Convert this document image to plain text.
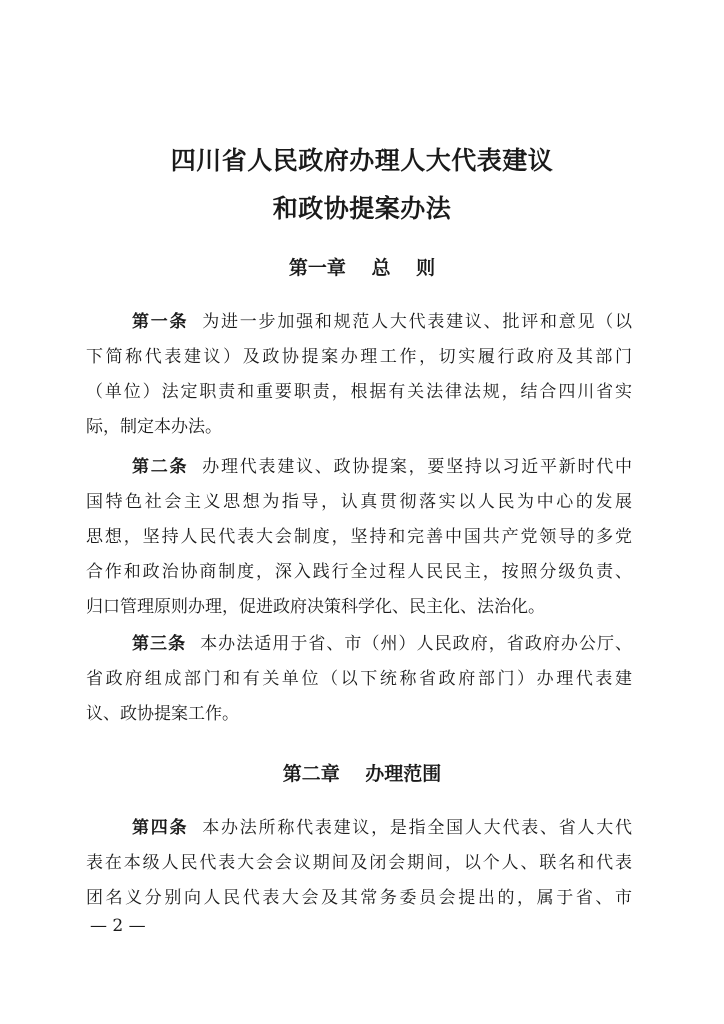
四川省人民政府办理人大代表建议
和政协提案办法
第一章　 总　 则
第一条 为进一步加强和规范人大代表建议、批评和意见（以
下简称代表建议）及政协提案办理工作，切实履行政府及其部门
（单位）法定职责和重要职责，根据有关法律法规，结合四川省实
际，制定本办法。
第二条 办理代表建议、政协提案，要坚持以习近平新时代中
国特色社会主义思想为指导，认真贯彻落实以人民为中心的发展
思想，坚持人民代表大会制度，坚持和完善中国共产党领导的多党
合作和政治协商制度，深入践行全过程人民民主，按照分级负责、
归口管理原则办理，促进政府决策科学化、民主化、法治化。
第三条 本办法适用于省、市（州）人民政府，省政府办公厅、
省政府组成部门和有关单位（以下统称省政府部门）办理代表建
议、政协提案工作。
第二章　 办理范围
第四条 本办法所称代表建议，是指全国人大代表、省人大代
表在本级人民代表大会会议期间及闭会期间，以个人、联名和代表
团名义分别向人民代表大会及其常务委员会提出的，属于省、市
— 2 —
